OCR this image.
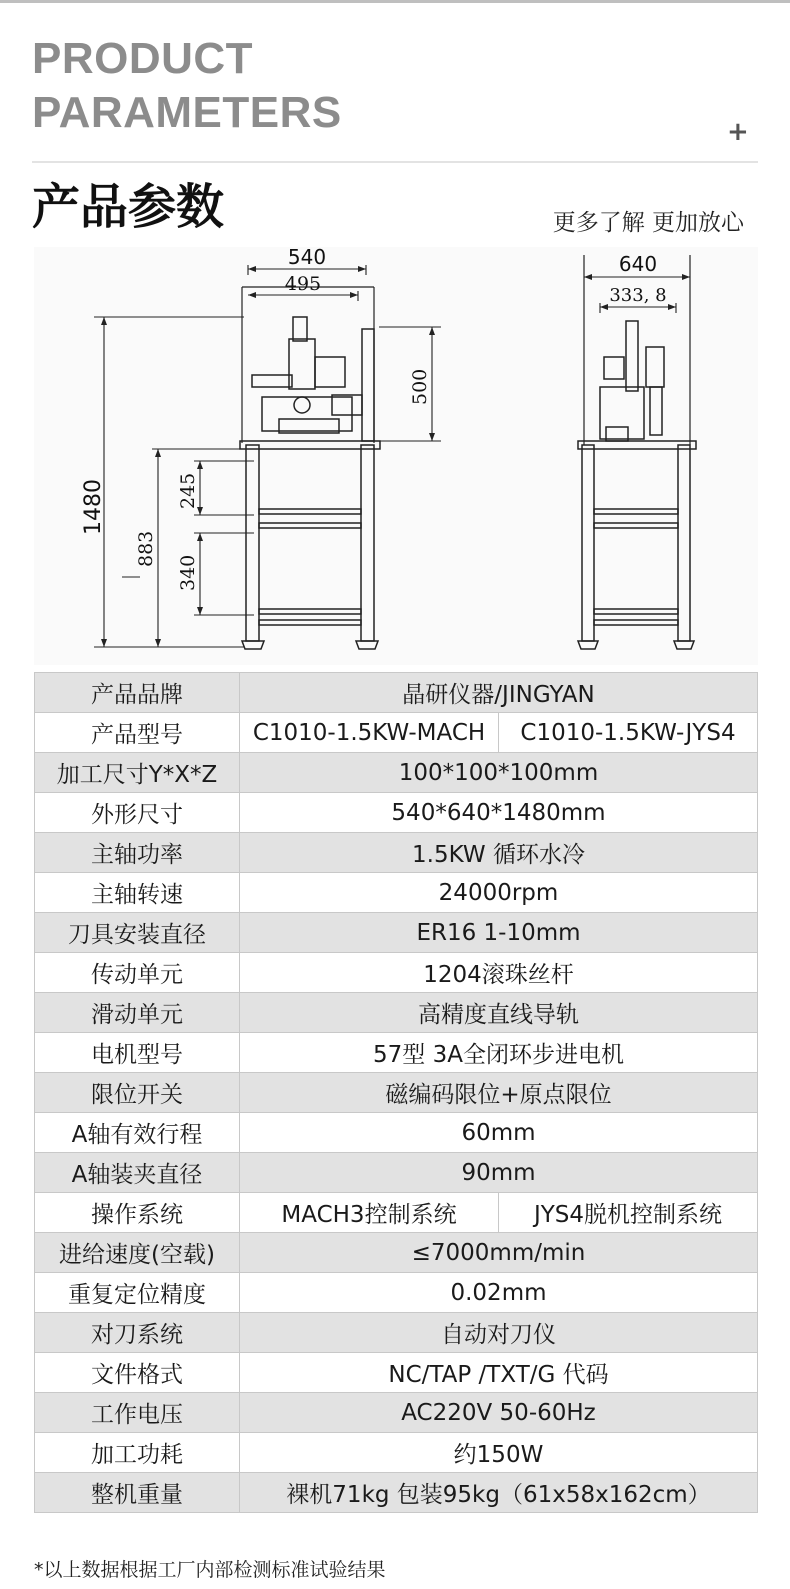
PRODUCT
PARAMETERS	+
产品参数	更多了解 更加放心
540
495
1480
883
245
340
500
640
333, 8
产品品牌	晶研仪器/JINGYAN	
产品型号	C1010-1.5KW-MACH	C1010-1.5KW-JYS4
加工尺寸Y*X*Z	100*100*100mm	
外形尺寸	540*640*1480mm	
主轴功率	1.5KW 循环水冷	
主轴转速	24000rpm	
刀具安装直径	ER16 1-10mm	
传动单元	1204滚珠丝杆	
滑动单元	高精度直线导轨	
电机型号	57型 3A全闭环步进电机	
限位开关	磁编码限位+原点限位	
A轴有效行程	60mm	
A轴装夹直径	90mm	
操作系统	MACH3控制系统	JYS4脱机控制系统
进给速度(空载)	≤7000mm/min	
重复定位精度	0.02mm	
对刀系统	自动对刀仪	
文件格式	NC/TAP /TXT/G 代码	
工作电压	AC220V 50-60Hz	
加工功耗	约150W	
整机重量	裸机71kg 包装95kg（61x58x162cm）	
*以上数据根据工厂内部检测标准试验结果
